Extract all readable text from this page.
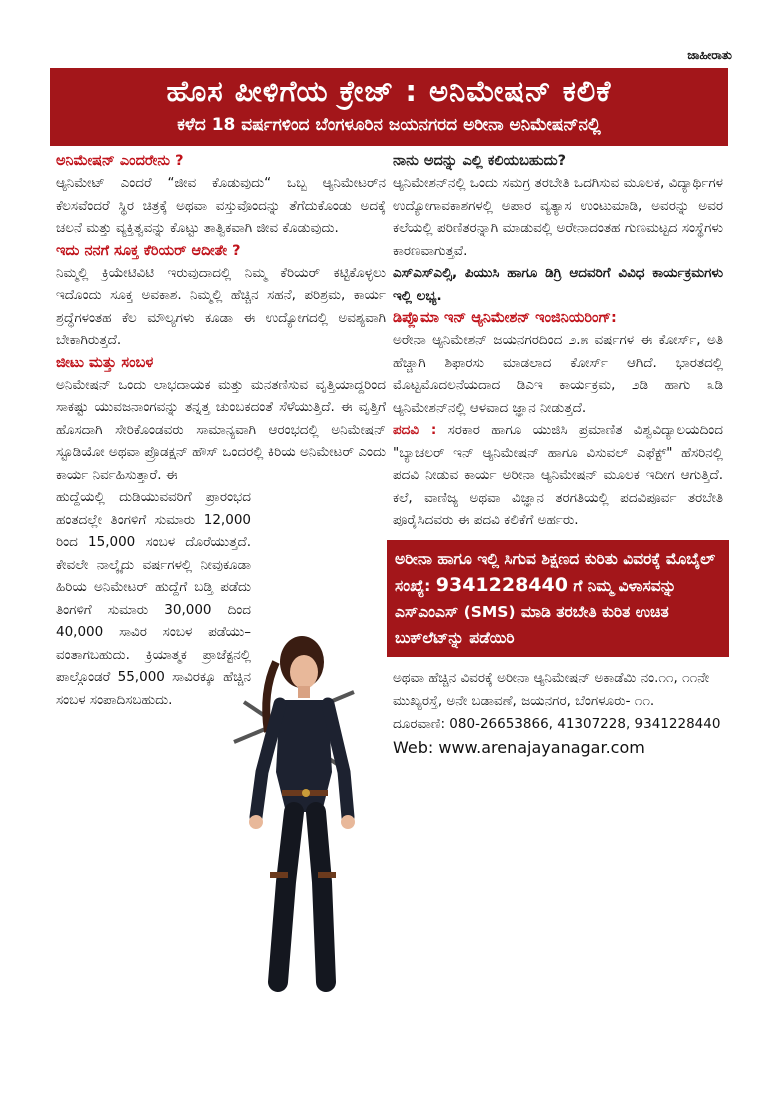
ಜಾಹೀರಾತು
ಹೊಸ ಪೀಳಿಗೆಯ ಕ್ರೇಜ್ : ಅನಿಮೇಷನ್ ಕಲಿಕೆ
ಕಳೆದ 18 ವರ್ಷಗಳಿಂದ ಬೆಂಗಳೂರಿನ ಜಯನಗರದ ಅರೀನಾ ಅನಿಮೇಷನ್‌ನಲ್ಲಿ

ಅನಿಮೇಷನ್ ಎಂದರೇನು ?

ಆ್ಯನಿಮೇಟ್ ಎಂದರೆ “ಜೀವ ಕೊಡುವುದು“ ಒಬ್ಬ ಆ್ಯನಿಮೇಟರ್‌ನ ಕೆಲಸವೆಂದರೆ ಸ್ಥಿರ ಚಿತ್ರಕ್ಕೆ ಅಥವಾ ವಸ್ತುವೊಂದನ್ನು ತೆಗೆದುಕೊಂಡು ಅದಕ್ಕೆ ಚಲನೆ ಮತ್ತು ವ್ಯಕ್ತಿತ್ವವನ್ನು ಕೊಟ್ಟು ತಾತ್ವಿಕವಾಗಿ ಜೀವ ಕೊಡುವುದು.

ಇದು ನನಗೆ ಸೂಕ್ತ ಕೆರಿಯರ್ ಆದೀತೇ ?

ನಿಮ್ಮಲ್ಲಿ ಕ್ರಿಯೇಟಿವಿಟಿ ಇರುವುದಾದಲ್ಲಿ ನಿಮ್ಮ ಕೆರಿಯರ್ ಕಟ್ಟಿಕೊಳ್ಳಲು ಇದೊಂದು ಸೂಕ್ತ ಅವಕಾಶ. ನಿಮ್ಮಲ್ಲಿ ಹೆಚ್ಚಿನ ಸಹನೆ, ಪರಿಶ್ರಮ, ಕಾರ್ಯ ಶ್ರದ್ಧೆಗಳಂತಹ ಕೆಲ ಮೌಲ್ಯಗಳು ಕೂಡಾ ಈ ಉದ್ಯೋಗದಲ್ಲಿ ಅವಶ್ಯವಾಗಿ ಬೇಕಾಗಿರುತ್ತದೆ.

ಜೀಟು ಮತ್ತು ಸಂಬಳ

ಅನಿಮೇಷನ್ ಒಂದು ಲಾಭದಾಯಕ ಮತ್ತು ಮನತಣಿಸುವ ವೃತ್ತಿಯಾದ್ದರಿಂದ ಸಾಕಷ್ಟು ಯುವಜನಾಂಗವನ್ನು ತನ್ನತ್ತ ಚುಂಬಕದಂತೆ ಸೆಳೆಯುತ್ತಿದೆ. ಈ ವೃತ್ತಿಗೆ ಹೊಸದಾಗಿ ಸೇರಿಕೊಂಡವರು ಸಾಮಾನ್ಯವಾಗಿ ಆರಂಭದಲ್ಲಿ ಅನಿಮೇಷನ್ ಸ್ಟೂಡಿಯೋ ಅಥವಾ ಪ್ರೊಡಕ್ಷನ್ ಹೌಸ್ ಒಂದರಲ್ಲಿ ಕಿರಿಯ ಅನಿಮೇಟರ್ ಎಂದು ಕಾರ್ಯ ನಿರ್ವಹಿಸುತ್ತಾರೆ. ಈ

ಹುದ್ದೆಯಲ್ಲಿ ದುಡಿಯುವವರಿಗೆ ಪ್ರಾರಂಭದ ಹಂತದಲ್ಲೇ ತಿಂಗಳಿಗೆ ಸುಮಾರು 12,000 ರಿಂದ 15,000 ಸಂಬಳ ದೊರೆಯುತ್ತದೆ. ಕೇವಲೇ ನಾಲ್ಕೈದು ವರ್ಷಗಳಲ್ಲಿ ನೀವುಕೂಡಾ ಹಿರಿಯ ಅನಿಮೇಟರ್ ಹುದ್ದೆಗೆ ಬಡ್ತಿ ಪಡೆದು ತಿಂಗಳಿಗೆ ಸುಮಾರು 30,000 ದಿಂದ 40,000 ಸಾವಿರ ಸಂಬಳ ಪಡೆಯು–ವಂತಾಗಬಹುದು. ಕ್ರಿಯಾತ್ಮಕ ಪ್ರಾಜೆಕ್ಟನಲ್ಲಿ ಪಾಲ್ಗೊಂಡರೆ 55,000 ಸಾವಿರಕ್ಕೂ ಹೆಚ್ಚಿನ ಸಂಬಳ ಸಂಪಾದಿಸಬಹುದು.

ನಾನು ಅದನ್ನು ಎಲ್ಲಿ ಕಲಿಯಬಹುದು?

ಆ್ಯನಿಮೇಶನ್‌ನಲ್ಲಿ ಒಂದು ಸಮಗ್ರ ತರಬೇತಿ ಒದಗಿಸುವ ಮೂಲಕ, ವಿದ್ಯಾರ್ಥಿಗಳ ಉದ್ಯೋಗಾವಕಾಶಗಳಲ್ಲಿ ಅಪಾರ ವ್ಯತ್ಯಾಸ ಉಂಟುಮಾಡಿ, ಅವರನ್ನು ಅವರ ಕಲೆಯಲ್ಲಿ ಪರಿಣಿತರನ್ನಾಗಿ ಮಾಡುವಲ್ಲಿ ಅರೇನಾದಂತಹ ಗುಣಮಟ್ಟದ ಸಂಸ್ಥೆಗಳು ಕಾರಣವಾಗುತ್ತವೆ.

ಎಸ್ಎಸ್ಎಲ್ಸಿ, ಪಿಯುಸಿ ಹಾಗೂ ಡಿಗ್ರಿ ಆದವರಿಗೆ ವಿವಿಧ ಕಾರ್ಯಕ್ರಮಗಳು ಇಲ್ಲಿ ಲಭ್ಯ.

ಡಿಪ್ಲೊಮಾ ಇನ್ ಆ್ಯನಿಮೇಶನ್ ಇಂಜಿನಿಯರಿಂಗ್:

ಅರೇನಾ ಆ್ಯನಿಮೇಶನ್ ಜಯನಗರದಿಂದ ೨.೫ ವರ್ಷಗಳ ಈ ಕೋರ್ಸ್, ಅತಿ ಹೆಚ್ಚಾಗಿ ಶಿಫಾರಸು ಮಾಡಲಾದ ಕೋರ್ಸ್ ಆಗಿದೆ. ಭಾರತದಲ್ಲಿ ಮೊಟ್ಟಮೊದಲನೆಯದಾದ ಡಿಎಇ ಕಾರ್ಯಕ್ರಮ, ೨ಡಿ ಹಾಗು ೩ಡಿ ಆ್ಯನಿಮೇಶನ್‌ನಲ್ಲಿ ಆಳವಾದ ಜ್ಞಾನ ನೀಡುತ್ತದೆ.

ಪದವಿ : ಸರಕಾರ ಹಾಗೂ ಯುಜಿಸಿ ಪ್ರಮಾಣಿತ ವಿಶ್ವವಿದ್ಯಾಲಯದಿಂದ "ಬ್ಯಾಚಲರ್ ಇನ್ ಆ್ಯನಿಮೇಷನ್ ಹಾಗೂ ವಿಸುವಲ್ ಎಫೆಕ್ಟ್" ಹೆಸರಿನಲ್ಲಿ ಪದವಿ ನೀಡುವ ಕಾರ್ಯ ಅರೀನಾ ಆ್ಯನಿಮೇಷನ್ ಮೂಲಕ ಇದೀಗ ಆಗುತ್ತಿದೆ. ಕಲೆ, ವಾಣಿಜ್ಯ ಅಥವಾ ವಿಜ್ಞಾನ ತರಗತಿಯಲ್ಲಿ ಪದವಿಪೂರ್ವ ತರಬೇತಿ ಪೂರೈಸಿದವರು ಈ ಪದವಿ ಕಲಿಕೆಗೆ ಅರ್ಹರು.

ಅರೀನಾ ಹಾಗೂ ಇಲ್ಲಿ ಸಿಗುವ ಶಿಕ್ಷಣದ ಕುರಿತು ವಿವರಕ್ಕೆ ಮೊಬೈಲ್ ಸಂಖ್ಯೆ: 9341228440 ಗೆ ನಿಮ್ಮ ವಿಳಾಸವನ್ನು ಎಸ್ಎಂಎಸ್ (SMS) ಮಾಡಿ ತರಬೇತಿ ಕುರಿತ ಉಚಿತ ಬುಕ್‌ಲೆಟ್‌ನ್ನು ಪಡೆಯಿರಿ

ಅಥವಾ ಹೆಚ್ಚಿನ ವಿವರಕ್ಕೆ ಅರೀನಾ ಆ್ಯನಿಮೇಷನ್ ಅಕಾಡೆಮಿ ನಂ.೧೧, ೧೧ನೇ ಮುಖ್ಯರಸ್ತೆ, ಅನೇ ಬಡಾವಣೆ, ಜಯನಗರ, ಬೆಂಗಳೂರು- ೧೧.

ದೂರವಾಣಿ: 080-26653866, 41307228, 9341228440

Web: www.arenajayanagar.com
